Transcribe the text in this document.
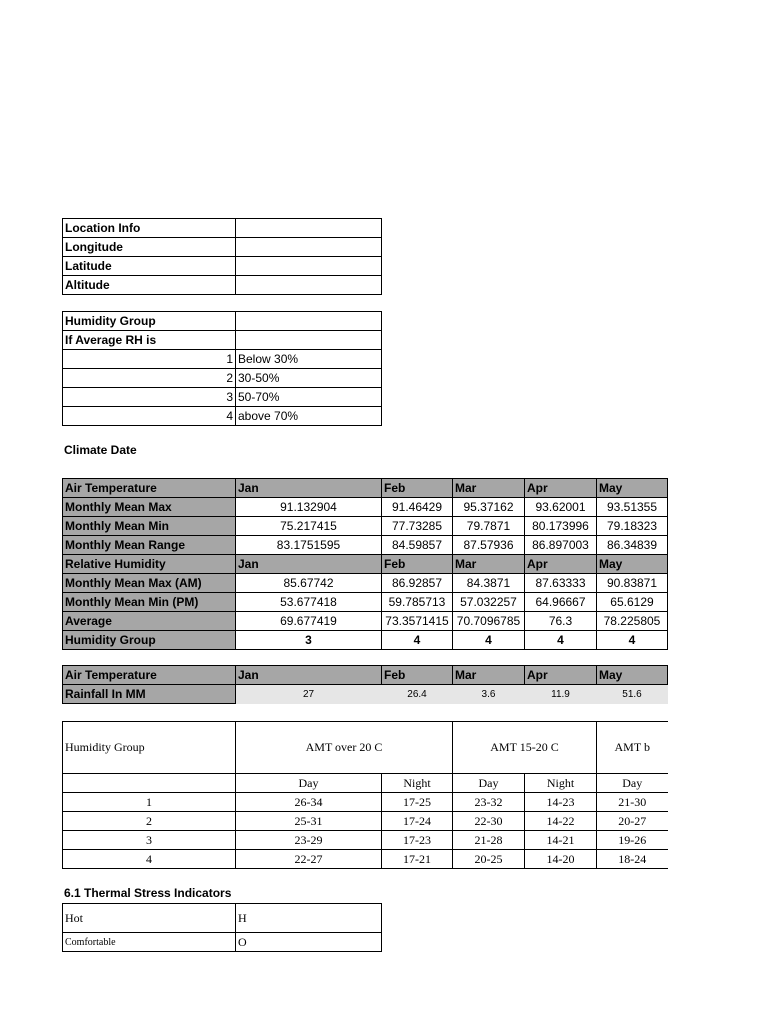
Location Info	
Longitude	
Latitude	
Altitude	
Humidity Group	
If Average RH is	
1	Below 30%
2	30-50%
3	50-70%
4	above 70%
Climate Date
Air Temperature	Jan	Feb	Mar	Apr	May
Monthly Mean Max	91.132904	91.46429	95.37162	93.62001	93.51355
Monthly Mean Min	75.217415	77.73285	79.7871	80.173996	79.18323
Monthly Mean Range	83.1751595	84.59857	87.57936	86.897003	86.34839
Relative Humidity	Jan	Feb	Mar	Apr	May
Monthly Mean Max (AM)	85.67742	86.92857	84.3871	87.63333	90.83871
Monthly Mean Min (PM)	53.677418	59.785713	57.032257	64.96667	65.6129
Average	69.677419	73.3571415	70.7096785	76.3	78.225805
Humidity Group	3	4	4	4	4
Air Temperature	Jan	Feb	Mar	Apr	May
Rainfall In MM	27	26.4	3.6	11.9	51.6
Humidity Group	AMT over 20 C		AMT 15-20 C		AMT b
	Day	Night	Day	Night	Day
1	26-34	17-25	23-32	14-23	21-30
2	25-31	17-24	22-30	14-22	20-27
3	23-29	17-23	21-28	14-21	19-26
4	22-27	17-21	20-25	14-20	18-24
6.1 Thermal Stress Indicators
Hot	H
Comfortable	O
